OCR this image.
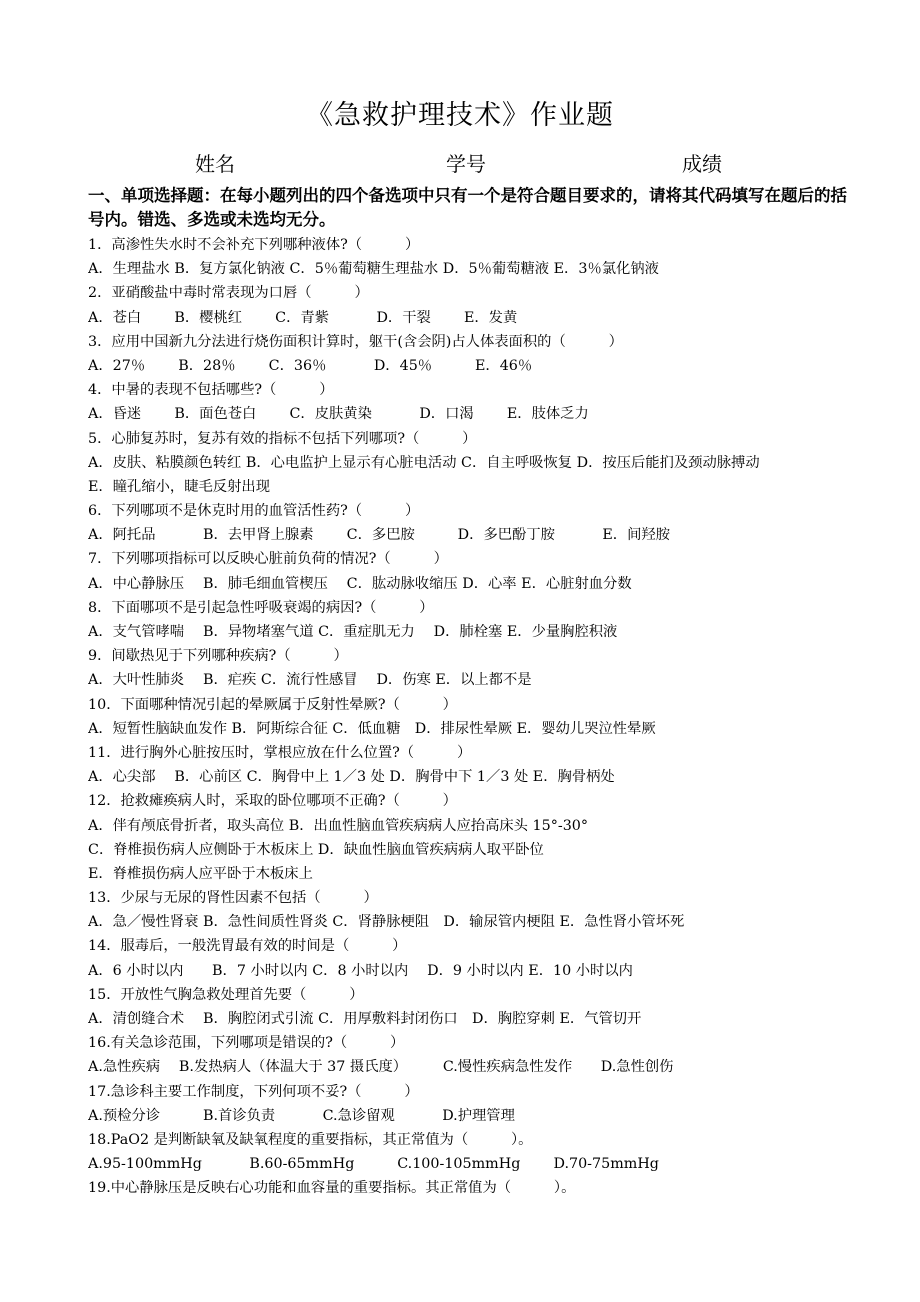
《急救护理技术》作业题
姓名	学号	成绩
一、单项选择题：在每小题列出的四个备选项中只有一个是符合题目要求的，请将其代码填写在题后的括号内。错选、多选或未选均无分。
1．高渗性失水时不会补充下列哪种液体?（　　　）
A．生理盐水 B．复方氯化钠液 C．5％葡萄糖生理盐水 D．5％葡萄糖液 E．3％氯化钠液
2．亚硝酸盐中毒时常表现为口唇（　　　）
A．苍白　　 B．樱桃红　　 C．青紫　　　 D．干裂　　 E．发黄
3．应用中国新九分法进行烧伤面积计算时，躯干(含会阴)占人体表面积的（　　　）
A．27％　　 B．28％　　 C．36％　　　 D．45％　　　E．46％
4．中暑的表现不包括哪些?（　　　）
A．昏迷　　 B．面色苍白　　 C．皮肤黄染　　　 D．口渴　　 E．肢体乏力
5．心肺复苏时，复苏有效的指标不包括下列哪项?（　　　）
A．皮肤、粘膜颜色转红 B．心电监护上显示有心脏电活动 C．自主呼吸恢复 D．按压后能扪及颈动脉搏动
E．瞳孔缩小，睫毛反射出现
6．下列哪项不是休克时用的血管活性药?（　　　）
A．阿托品　　　 B．去甲肾上腺素　　 C．多巴胺　　　D．多巴酚丁胺　　　 E．间羟胺
7．下列哪项指标可以反映心脏前负荷的情况?（　　　）
A．中心静脉压　 B．肺毛细血管楔压　 C．肱动脉收缩压 D．心率 E．心脏射血分数
8．下面哪项不是引起急性呼吸衰竭的病因?（　　　）
A．支气管哮喘　 B．异物堵塞气道 C．重症肌无力　 D．肺栓塞 E．少量胸腔积液
9．间歇热见于下列哪种疾病?（　　　）
A．大叶性肺炎　 B．疟疾 C．流行性感冒　 D．伤寒 E．以上都不是
10．下面哪种情况引起的晕厥属于反射性晕厥?（　　　）
A．短暂性脑缺血发作 B．阿斯综合征 C．低血糖　D．排尿性晕厥 E．婴幼儿哭泣性晕厥
11．进行胸外心脏按压时，掌根应放在什么位置?（　　　）
A．心尖部　 B．心前区 C．胸骨中上 1／3 处 D．胸骨中下 1／3 处 E．胸骨柄处
12．抢救瘫痪病人时，采取的卧位哪项不正确?（　　　）
A．伴有颅底骨折者，取头高位 B．出血性脑血管疾病病人应抬高床头 15°-30°
C．脊椎损伤病人应侧卧于木板床上 D．缺血性脑血管疾病病人取平卧位
E．脊椎损伤病人应平卧于木板床上
13．少尿与无尿的肾性因素不包括（　　　）
A．急／慢性肾衰 B．急性间质性肾炎 C．肾静脉梗阻　D．输尿管内梗阻 E．急性肾小管坏死
14．服毒后，一般洗胃最有效的时间是（　　　）
A．6 小时以内　　B．7 小时以内 C．8 小时以内　 D．9 小时以内 E．10 小时以内
15．开放性气胸急救处理首先要（　　　）
A．清创缝合术　 B．胸腔闭式引流 C．用厚敷料封闭伤口　D．胸腔穿刺 E．气管切开
16.有关急诊范围，下列哪项是错误的?（　　　）
A.急性疾病　 B.发热病人（体温大于 37 摄氏度）　　　C.慢性疾病急性发作　　D.急性创伤
17.急诊科主要工作制度，下列何项不妥?（　　　）
A.预检分诊　　　B.首诊负责　　　 C.急诊留观　　　 D.护理管理
18.PaO2 是判断缺氧及缺氧程度的重要指标，其正常值为（　　　）。
A.95-100mmHg　　　 B.60-65mmHg　　　C.100-105mmHg　　 D.70-75mmHg
19.中心静脉压是反映右心功能和血容量的重要指标。其正常值为（　　　）。
